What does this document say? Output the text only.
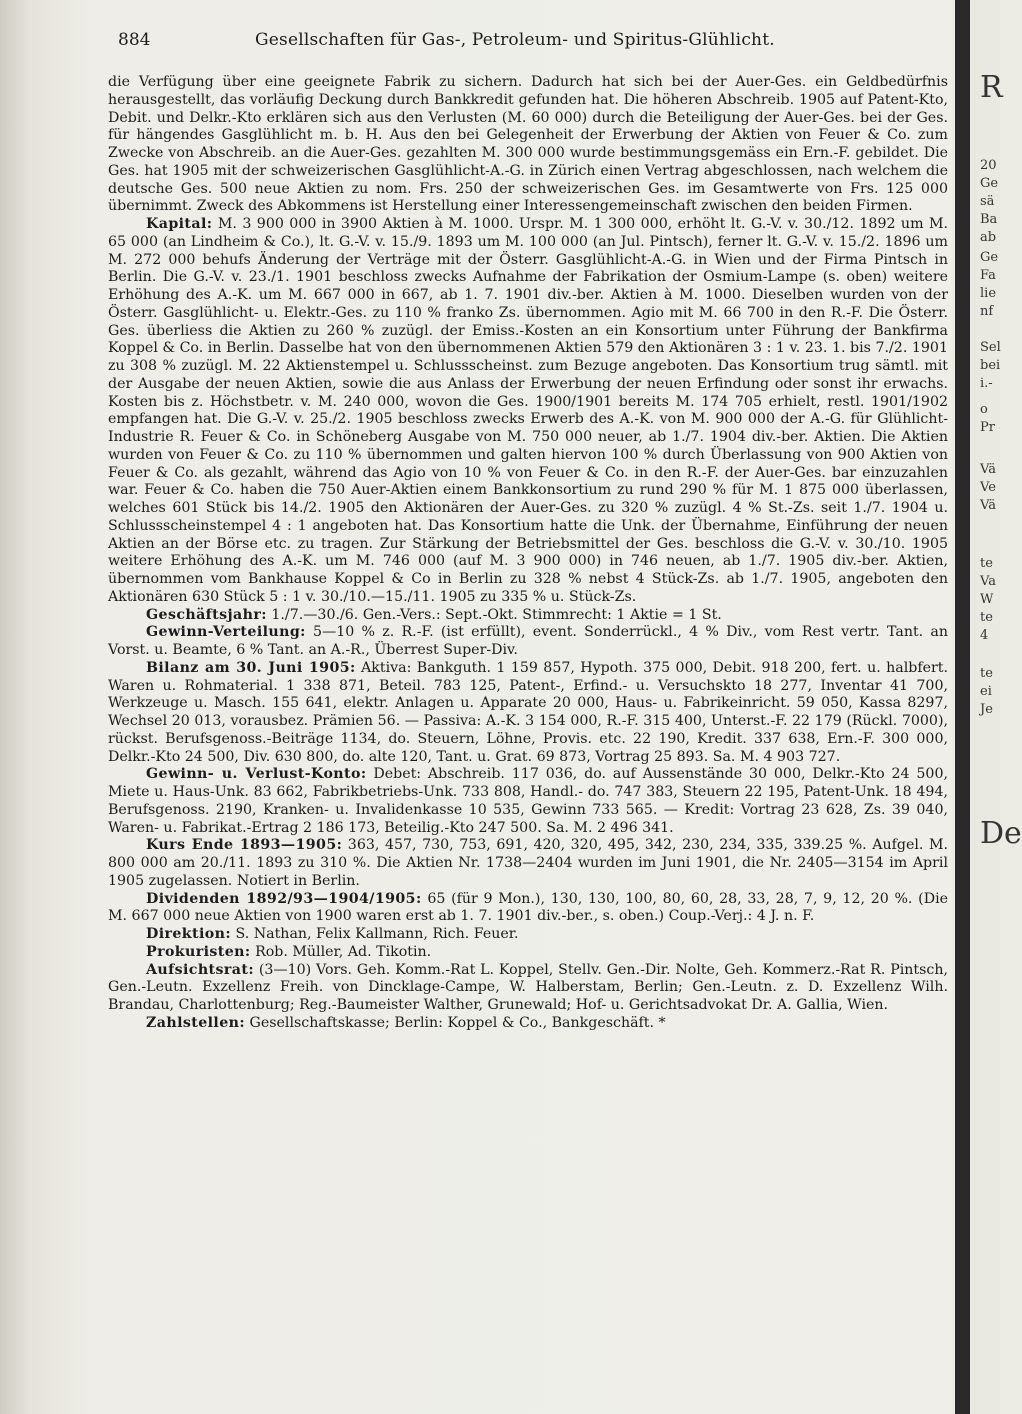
884	Gesellschaften für Gas-, Petroleum- und Spiritus-Glühlicht.

die Verfügung über eine geeignete Fabrik zu sichern. Dadurch hat sich bei der Auer-Ges. ein Geldbedürfnis herausgestellt, das vorläufig Deckung durch Bankkredit gefunden hat. Die höheren Abschreib. 1905 auf Patent-Kto, Debit. und Delkr.-Kto erklären sich aus den Verlusten (M. 60 000) durch die Beteiligung der Auer-Ges. bei der Ges. für hängendes Gasglühlicht m. b. H. Aus den bei Gelegenheit der Erwerbung der Aktien von Feuer & Co. zum Zwecke von Abschreib. an die Auer-Ges. gezahlten M. 300 000 wurde bestimmungsgemäss ein Ern.-F. gebildet. Die Ges. hat 1905 mit der schweizerischen Gasglühlicht-A.-G. in Zürich einen Vertrag abgeschlossen, nach welchem die deutsche Ges. 500 neue Aktien zu nom. Frs. 250 der schweizerischen Ges. im Gesamtwerte von Frs. 125 000 übernimmt. Zweck des Abkommens ist Herstellung einer Interessengemeinschaft zwischen den beiden Firmen.

Kapital: M. 3 900 000 in 3900 Aktien à M. 1000. Urspr. M. 1 300 000, erhöht lt. G.-V. v. 30./12. 1892 um M. 65 000 (an Lindheim & Co.), lt. G.-V. v. 15./9. 1893 um M. 100 000 (an Jul. Pintsch), ferner lt. G.-V. v. 15./2. 1896 um M. 272 000 behufs Änderung der Verträge mit der Österr. Gasglühlicht-A.-G. in Wien und der Firma Pintsch in Berlin. Die G.-V. v. 23./1. 1901 beschloss zwecks Aufnahme der Fabrikation der Osmium-Lampe (s. oben) weitere Erhöhung des A.-K. um M. 667 000 in 667, ab 1. 7. 1901 div.-ber. Aktien à M. 1000. Dieselben wurden von der Österr. Gasglühlicht- u. Elektr.-Ges. zu 110 % franko Zs. übernommen. Agio mit M. 66 700 in den R.-F. Die Österr. Ges. überliess die Aktien zu 260 % zuzügl. der Emiss.-Kosten an ein Konsortium unter Führung der Bankfirma Koppel & Co. in Berlin. Dasselbe hat von den übernommenen Aktien 579 den Aktionären 3 : 1 v. 23. 1. bis 7./2. 1901 zu 308 % zuzügl. M. 22 Aktienstempel u. Schlussscheinst. zum Bezuge angeboten. Das Konsortium trug sämtl. mit der Ausgabe der neuen Aktien, sowie die aus Anlass der Erwerbung der neuen Erfindung oder sonst ihr erwachs. Kosten bis z. Höchstbetr. v. M. 240 000, wovon die Ges. 1900/1901 bereits M. 174 705 erhielt, restl. 1901/1902 empfangen hat. Die G.-V. v. 25./2. 1905 beschloss zwecks Erwerb des A.-K. von M. 900 000 der A.-G. für Glühlicht-Industrie R. Feuer & Co. in Schöneberg Ausgabe von M. 750 000 neuer, ab 1./7. 1904 div.-ber. Aktien. Die Aktien wurden von Feuer & Co. zu 110 % übernommen und galten hiervon 100 % durch Überlassung von 900 Aktien von Feuer & Co. als gezahlt, während das Agio von 10 % von Feuer & Co. in den R.-F. der Auer-Ges. bar einzuzahlen war. Feuer & Co. haben die 750 Auer-Aktien einem Bankkonsortium zu rund 290 % für M. 1 875 000 überlassen, welches 601 Stück bis 14./2. 1905 den Aktionären der Auer-Ges. zu 320 % zuzügl. 4 % St.-Zs. seit 1./7. 1904 u. Schlussscheinstempel 4 : 1 angeboten hat. Das Konsortium hatte die Unk. der Übernahme, Einführung der neuen Aktien an der Börse etc. zu tragen. Zur Stärkung der Betriebsmittel der Ges. beschloss die G.-V. v. 30./10. 1905 weitere Erhöhung des A.-K. um M. 746 000 (auf M. 3 900 000) in 746 neuen, ab 1./7. 1905 div.-ber. Aktien, übernommen vom Bankhause Koppel & Co in Berlin zu 328 % nebst 4 Stück-Zs. ab 1./7. 1905, angeboten den Aktionären 630 Stück 5 : 1 v. 30./10.—15./11. 1905 zu 335 % u. Stück-Zs.

Geschäftsjahr: 1./7.—30./6. Gen.-Vers.: Sept.-Okt. Stimmrecht: 1 Aktie = 1 St.

Gewinn-Verteilung: 5—10 % z. R.-F. (ist erfüllt), event. Sonderrückl., 4 % Div., vom Rest vertr. Tant. an Vorst. u. Beamte, 6 % Tant. an A.-R., Überrest Super-Div.

Bilanz am 30. Juni 1905: Aktiva: Bankguth. 1 159 857, Hypoth. 375 000, Debit. 918 200, fert. u. halbfert. Waren u. Rohmaterial. 1 338 871, Beteil. 783 125, Patent-, Erfind.- u. Versuchskto 18 277, Inventar 41 700, Werkzeuge u. Masch. 155 641, elektr. Anlagen u. Apparate 20 000, Haus- u. Fabrikeinricht. 59 050, Kassa 8297, Wechsel 20 013, vorausbez. Prämien 56. — Passiva: A.-K. 3 154 000, R.-F. 315 400, Unterst.-F. 22 179 (Rückl. 7000), rückst. Berufsgenoss.-Beiträge 1134, do. Steuern, Löhne, Provis. etc. 22 190, Kredit. 337 638, Ern.-F. 300 000, Delkr.-Kto 24 500, Div. 630 800, do. alte 120, Tant. u. Grat. 69 873, Vortrag 25 893. Sa. M. 4 903 727.

Gewinn- u. Verlust-Konto: Debet: Abschreib. 117 036, do. auf Aussenstände 30 000, Delkr.-Kto 24 500, Miete u. Haus-Unk. 83 662, Fabrikbetriebs-Unk. 733 808, Handl.- do. 747 383, Steuern 22 195, Patent-Unk. 18 494, Berufsgenoss. 2190, Kranken- u. Invalidenkasse 10 535, Gewinn 733 565. — Kredit: Vortrag 23 628, Zs. 39 040, Waren- u. Fabrikat.-Ertrag 2 186 173, Beteilig.-Kto 247 500. Sa. M. 2 496 341.

Kurs Ende 1893—1905: 363, 457, 730, 753, 691, 420, 320, 495, 342, 230, 234, 335, 339.25 %. Aufgel. M. 800 000 am 20./11. 1893 zu 310 %. Die Aktien Nr. 1738—2404 wurden im Juni 1901, die Nr. 2405—3154 im April 1905 zugelassen. Notiert in Berlin.

Dividenden 1892/93—1904/1905: 65 (für 9 Mon.), 130, 130, 100, 80, 60, 28, 33, 28, 7, 9, 12, 20 %. (Die M. 667 000 neue Aktien von 1900 waren erst ab 1. 7. 1901 div.-ber., s. oben.) Coup.-Verj.: 4 J. n. F.

Direktion: S. Nathan, Felix Kallmann, Rich. Feuer.

Prokuristen: Rob. Müller, Ad. Tikotin.

Aufsichtsrat: (3—10) Vors. Geh. Komm.-Rat L. Koppel, Stellv. Gen.-Dir. Nolte, Geh. Kommerz.-Rat R. Pintsch, Gen.-Leutn. Exzellenz Freih. von Dincklage-Campe, W. Halberstam, Berlin; Gen.-Leutn. z. D. Exzellenz Wilh. Brandau, Charlottenburg; Reg.-Baumeister Walther, Grunewald; Hof- u. Gerichtsadvokat Dr. A. Gallia, Wien.

Zahlstellen: Gesellschaftskasse; Berlin: Koppel & Co., Bankgeschäft. *

R
20
Ge
sä
Ba
ab
Ge
Fa
lie
nf
Sel
bei
i.-
o
Pr
Vä
Ve
Vä
te
Va
W
te
4
te
ei
Je
De
